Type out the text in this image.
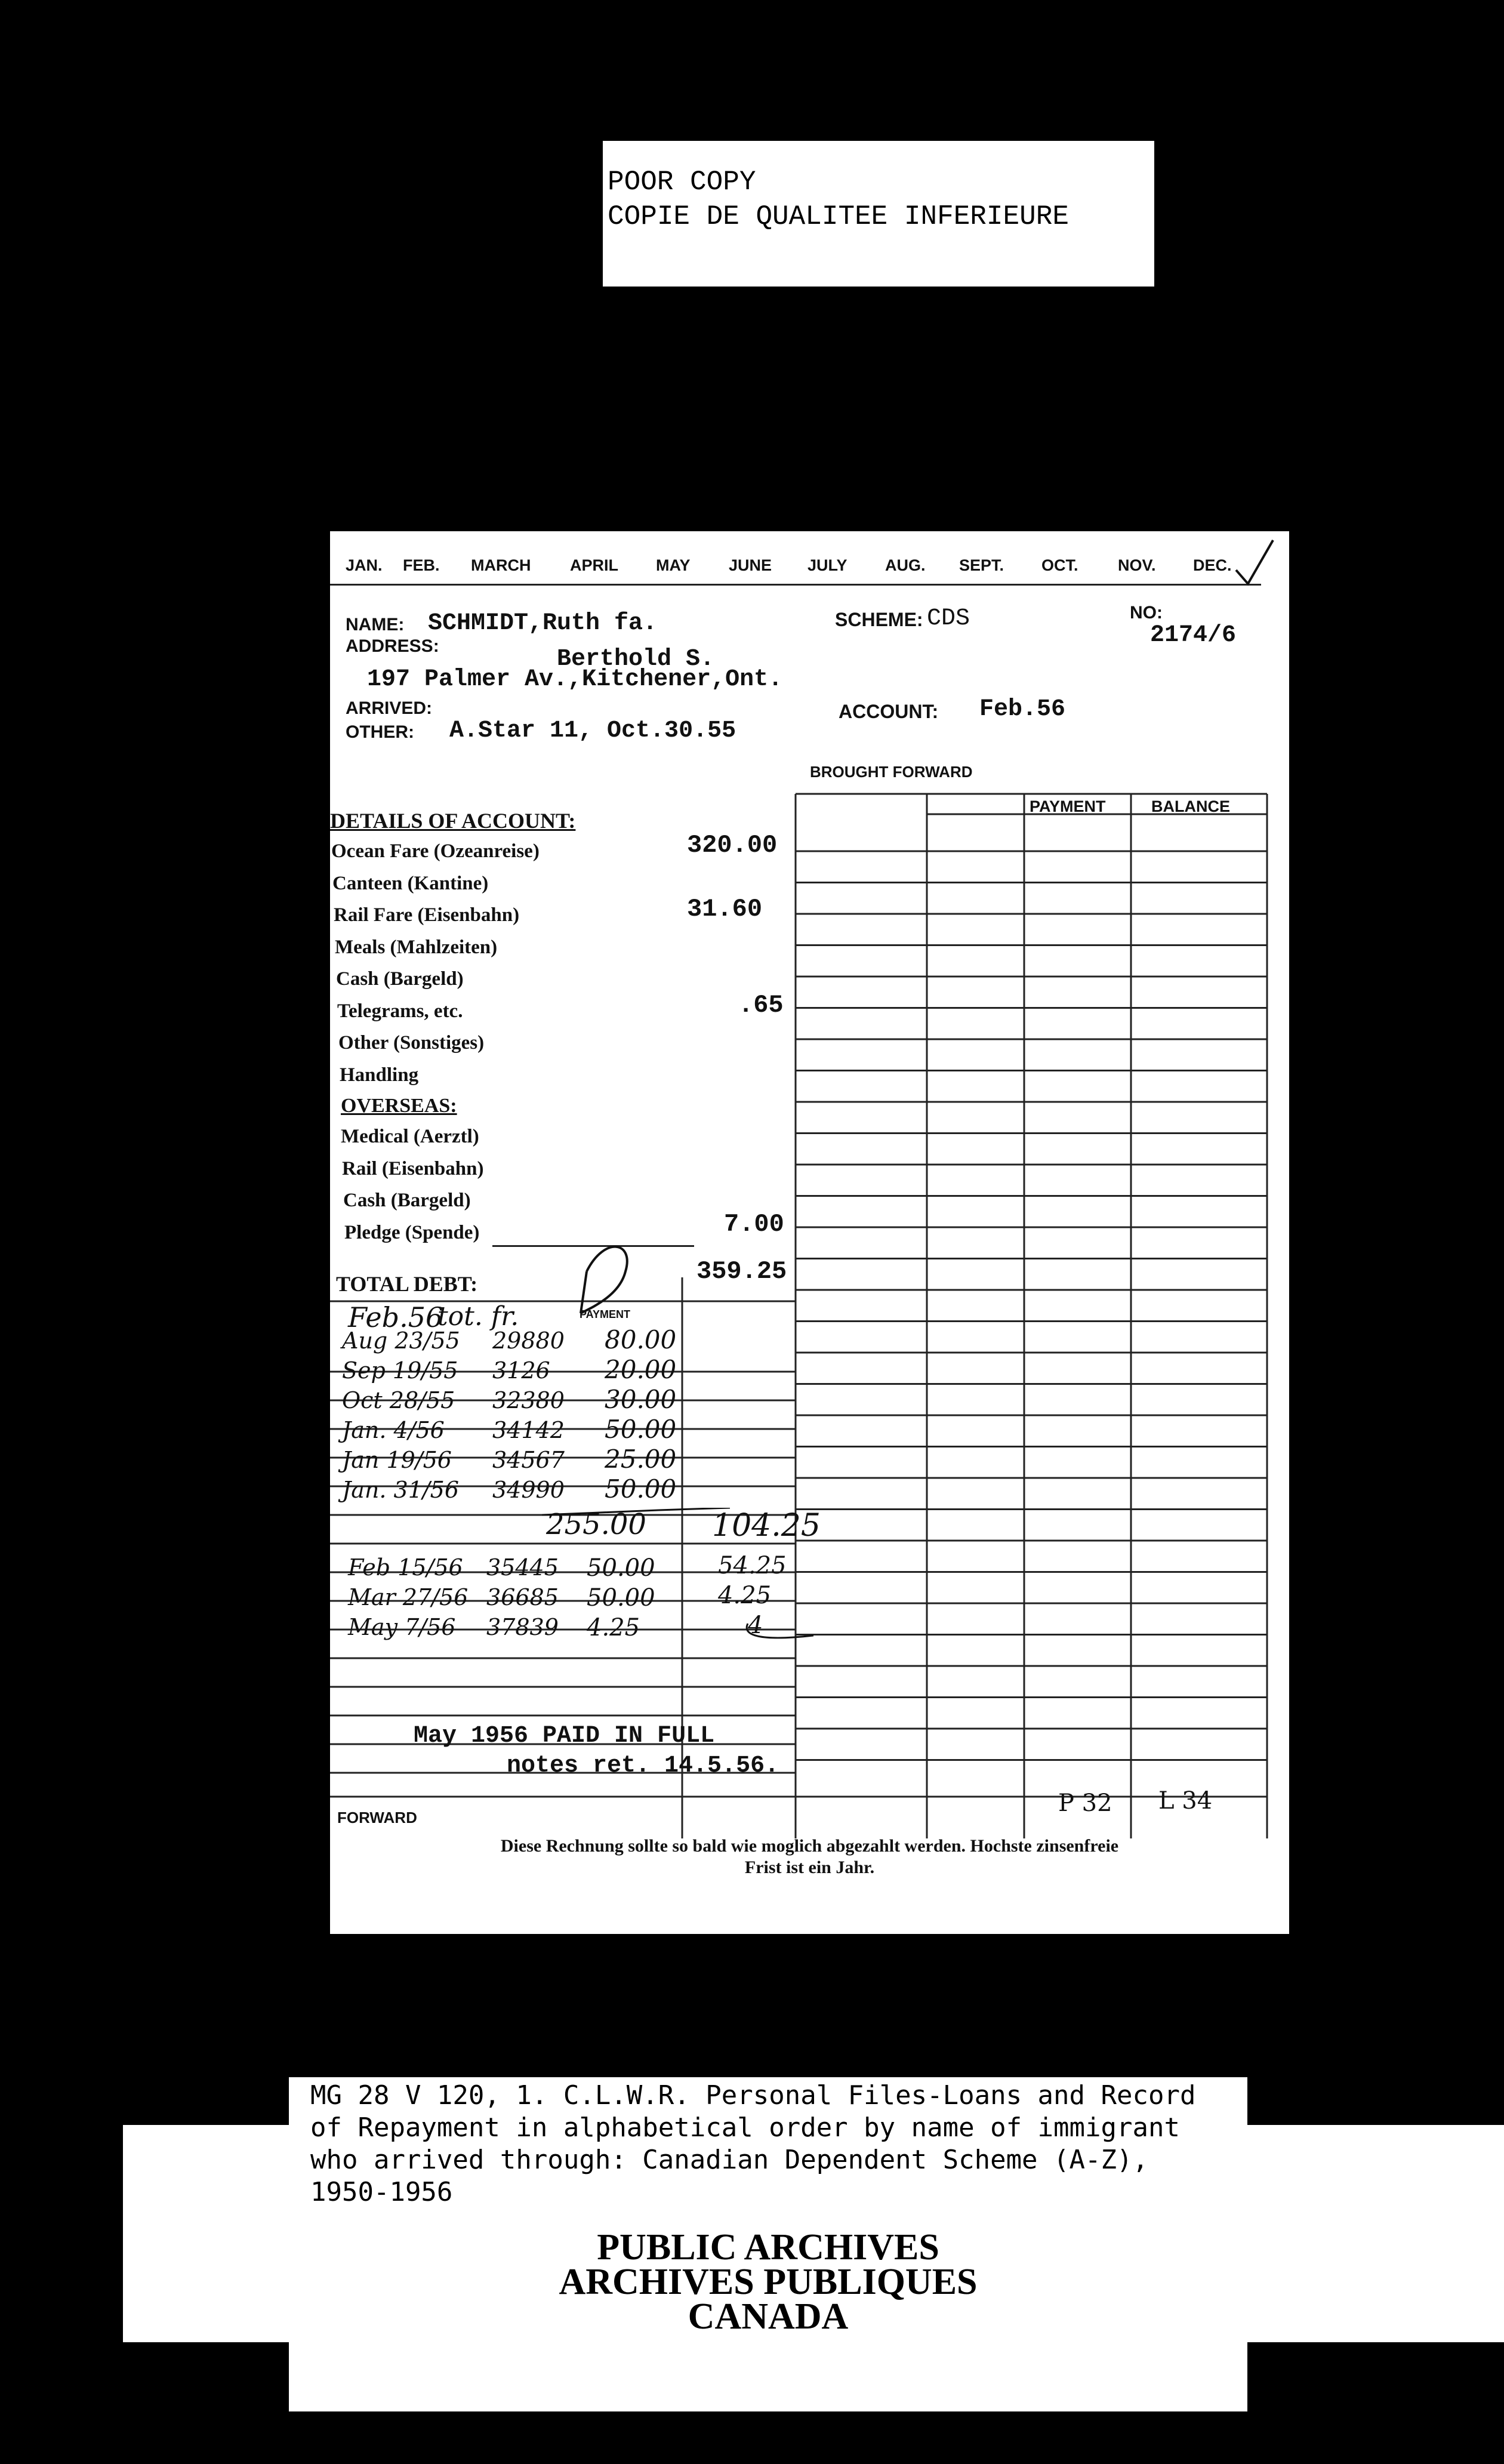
POOR COPY
COPIE DE QUALITEE INFERIEURE
JAN. FEB. MARCH APRIL MAY JUNE JULY AUG. SEPT. OCT. NOV. DEC.
NAME: SCHMIDT,Ruth fa.
ADDRESS:	Berthold S.
197 Palmer Av.,Kitchener,Ont.
ARRIVED:
OTHER: A.Star 11, Oct.30.55
SCHEME: CDS	NO:
2174/6
ACCOUNT: Feb.56
BROUGHT FORWARD
PAYMENT	BALANCE
DETAILS OF ACCOUNT:
Ocean Fare (Ozeanreise)	320.00
Canteen (Kantine)
Rail Fare (Eisenbahn)	31.60
Meals (Mahlzeiten)
Cash (Bargeld)
Telegrams, etc.	.65
Other (Sonstiges)
Handling
OVERSEAS:
Medical (Aerztl)
Rail (Eisenbahn)
Cash (Bargeld)
Pledge (Spende)	7.00
TOTAL DEBT:	359.25
Feb.56
tot. fr.	PAYMENT
Aug 23/55 29880 80.00
Sep 19/55 3126 20.00
Oct 28/55 32380 30.00
Jan. 4/56 34142 50.00
Jan 19/56 34567 25.00
Jan. 31/56 34990 50.00
255.00 104.25
Feb 15/56 35445 50.00	54.25
Mar 27/56 36685 50.00	4.25
May 7/56 37839 4.25	4
May 1956 PAID IN FULL
notes ret. 14.5.56.
FORWARD
P 32 L 34
Diese Rechnung sollte so bald wie moglich abgezahlt werden. Hochste zinsenfreie
Frist ist ein Jahr.
MG 28 V 120, 1. C.L.W.R. Personal Files-Loans and Record
of Repayment in alphabetical order by name of immigrant
who arrived through: Canadian Dependent Scheme (A-Z),
1950-1956
PUBLIC ARCHIVES
ARCHIVES PUBLIQUES
CANADA
